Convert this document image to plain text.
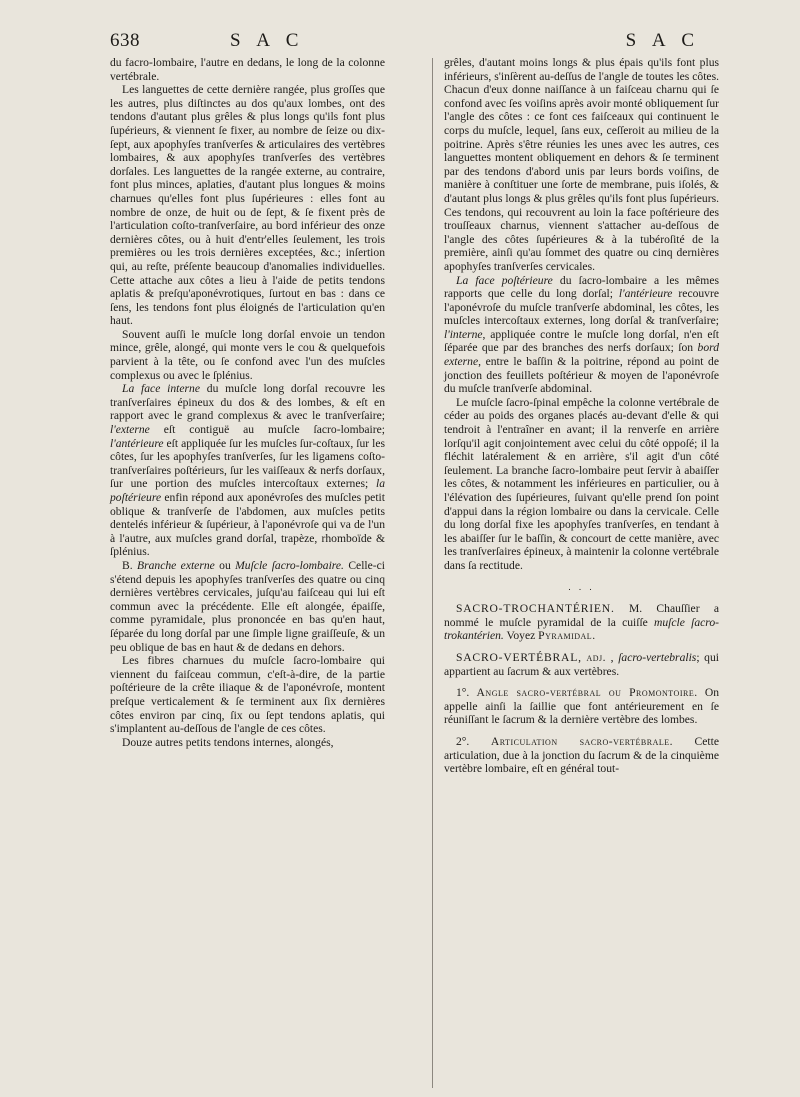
638	S A C	S A C

du facro-lombaire, l'autre en dedans, le long de la colonne vertébrale.

Les languettes de cette dernière rangée, plus groſſes que les autres, plus diſtinctes au dos qu'aux lombes, ont des tendons d'autant plus grêles & plus longs qu'ils font plus ſupérieurs, & viennent ſe fixer, au nombre de ſeize ou dix-ſept, aux apophyſes tranſverſes & articulaires des vertèbres lombaires, & aux apophyſes tranſverſes des vertèbres dorſales. Les languettes de la rangée externe, au contraire, font plus minces, aplaties, d'autant plus longues & moins charnues qu'elles font plus ſupérieures : elles font au nombre de onze, de huit ou de ſept, & ſe fixent près de l'articulation coſto-tranſverſaire, au bord inférieur des onze dernières côtes, ou à huit d'entr'elles ſeulement, les trois premières ou les trois dernières exceptées, &c.; inſertion qui, au reſte, préſente beaucoup d'anomalies individuelles. Cette attache aux côtes a lieu à l'aide de petits tendons aplatis & preſqu'aponévrotiques, ſurtout en bas : dans ce ſens, les tendons font plus éloignés de l'articulation qu'en haut.

Souvent auſſi le muſcle long dorſal envoie un tendon mince, grêle, alongé, qui monte vers le cou & quelquefois parvient à la tête, ou ſe confond avec l'un des muſcles complexus ou avec le ſplénius.

La face interne du muſcle long dorſal recouvre les tranſverſaires épineux du dos & des lombes, & eſt en rapport avec le grand complexus & avec le tranſverſaire; l'externe eſt contiguë au muſcle ſacro-lombaire; l'antérieure eſt appliquée ſur les muſcles ſur-coſtaux, ſur les côtes, ſur les apophyſes tranſverſes, ſur les ligamens coſto-tranſverſaires poſtérieurs, ſur les vaiſſeaux & nerfs dorſaux, ſur une portion des muſcles intercoſtaux externes; la poſtérieure enfin répond aux aponévroſes des muſcles petit oblique & tranſverſe de l'abdomen, aux muſcles petits dentelés inférieur & ſupérieur, à l'aponévroſe qui va de l'un à l'autre, aux muſcles grand dorſal, trapèze, rhomboïde & ſplénius.

B. Branche externe ou Muſcle ſacro-lombaire. Celle-ci s'étend depuis les apophyſes tranſverſes des quatre ou cinq dernières vertèbres cervicales, juſqu'au faiſceau qui lui eſt commun avec la précédente. Elle eſt alongée, épaiſſe, comme pyramidale, plus prononcée en bas qu'en haut, ſéparée du long dorſal par une ſimple ligne graiſſeuſe, & un peu oblique de bas en haut & de dedans en dehors.

Les fibres charnues du muſcle ſacro-lombaire qui viennent du faiſceau commun, c'eſt-à-dire, de la partie poſtérieure de la crête iliaque & de l'aponévroſe, montent preſque verticalement & ſe terminent aux ſix dernières côtes environ par cinq, ſix ou ſept tendons aplatis, qui s'implantent au-deſſous de l'angle de ces côtes.

Douze autres petits tendons internes, alongés,

grêles, d'autant moins longs & plus épais qu'ils font plus inférieurs, s'inſèrent au-deſſus de l'angle de toutes les côtes. Chacun d'eux donne naiſſance à un faiſceau charnu qui ſe confond avec ſes voiſins après avoir monté obliquement ſur l'angle des côtes : ce font ces faiſceaux qui continuent le corps du muſcle, lequel, ſans eux, ceſſeroit au milieu de la poitrine. Après s'être réunies les unes avec les autres, ces languettes montent obliquement en dehors & ſe terminent par des tendons d'abord unis par leurs bords voiſins, de manière à conſtituer une ſorte de membrane, puis iſolés, & d'autant plus longs & plus grêles qu'ils font plus ſupérieurs. Ces tendons, qui recouvrent au loin la face poſtérieure des trouſſeaux charnus, viennent s'attacher au-deſſous de l'angle des côtes ſupérieures & à la tubéroſité de la première, ainſi qu'au ſommet des quatre ou cinq dernières apophyſes tranſverſes cervicales.

La face poſtérieure du ſacro-lombaire a les mêmes rapports que celle du long dorſal; l'antérieure recouvre l'aponévroſe du muſcle tranſverſe abdominal, les côtes, les muſcles intercoſtaux externes, long dorſal & tranſverſaire; l'interne, appliquée contre le muſcle long dorſal, n'en eſt ſéparée que par des branches des nerfs dorſaux; ſon bord externe, entre le baſſin & la poitrine, répond au point de jonction des feuillets poſtérieur & moyen de l'aponévroſe du muſcle tranſverſe abdominal.

Le muſcle ſacro-ſpinal empêche la colonne vertébrale de céder au poids des organes placés au-devant d'elle & qui tendroit à l'entraîner en avant; il la renverſe en arrière lorſqu'il agit conjointement avec celui du côté oppoſé; il la fléchit latéralement & en arrière, s'il agit d'un côté ſeulement. La branche ſacro-lombaire peut ſervir à abaiſſer les côtes, & notamment les inférieures en particulier, ou à l'élévation des ſupérieures, ſuivant qu'elle prend ſon point d'appui dans la région lombaire ou dans la cervicale. Celle du long dorſal fixe les apophyſes tranſverſes, en tendant à les abaiſſer ſur le baſſin, & concourt de cette manière, avec les tranſverſaires épineux, à maintenir la colonne vertébrale dans ſa rectitude.

. . .

SACRO-TROCHANTÉRIEN. M. Chauſſier a nommé le muſcle pyramidal de la cuiſſe muſcle ſacro-trokantérien. Voyez Pyramidal.

SACRO-VERTÉBRAL, adj. , ſacro-vertebralis; qui appartient au ſacrum & aux vertèbres.

1°. Angle sacro-vertébral ou Promontoire. On appelle ainſi la ſaillie que font antérieurement en ſe réuniſſant le ſacrum & la dernière vertèbre des lombes.

2°. Articulation sacro-vertébrale. Cette articulation, due à la jonction du ſacrum & de la cinquième vertèbre lombaire, eſt en général tout-
